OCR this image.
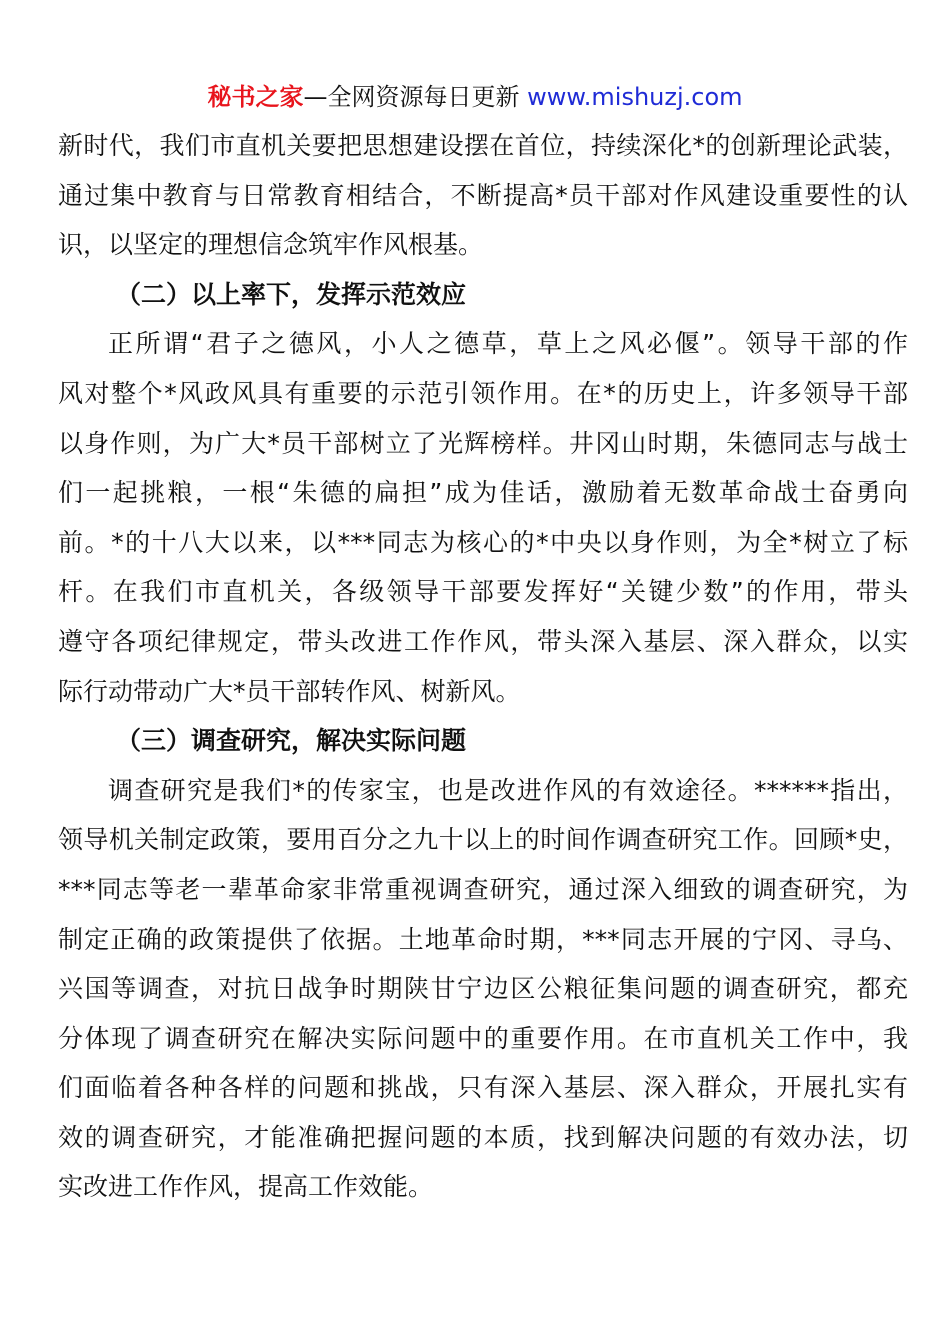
秘书之家—全网资源每日更新 www.mishuzj.com
新时代，我们市直机关要把思想建设摆在首位，持续深化*的创新理论武装，
通过集中教育与日常教育相结合，不断提高*员干部对作风建设重要性的认
识，以坚定的理想信念筑牢作风根基。
（二）以上率下，发挥示范效应
正所谓“君子之德风，小人之德草，草上之风必偃”。领导干部的作
风对整个*风政风具有重要的示范引领作用。在*的历史上，许多领导干部
以身作则，为广大*员干部树立了光辉榜样。井冈山时期，朱德同志与战士
们一起挑粮，一根“朱德的扁担”成为佳话，激励着无数革命战士奋勇向
前。*的十八大以来，以***同志为核心的*中央以身作则，为全*树立了标
杆。在我们市直机关，各级领导干部要发挥好“关键少数”的作用，带头
遵守各项纪律规定，带头改进工作作风，带头深入基层、深入群众，以实
际行动带动广大*员干部转作风、树新风。
（三）调查研究，解决实际问题
调查研究是我们*的传家宝，也是改进作风的有效途径。******指出，
领导机关制定政策，要用百分之九十以上的时间作调查研究工作。回顾*史，
***同志等老一辈革命家非常重视调查研究，通过深入细致的调查研究，为
制定正确的政策提供了依据。土地革命时期，***同志开展的宁冈、寻乌、
兴国等调查，对抗日战争时期陕甘宁边区公粮征集问题的调查研究，都充
分体现了调查研究在解决实际问题中的重要作用。在市直机关工作中，我
们面临着各种各样的问题和挑战，只有深入基层、深入群众，开展扎实有
效的调查研究，才能准确把握问题的本质，找到解决问题的有效办法，切
实改进工作作风，提高工作效能。
